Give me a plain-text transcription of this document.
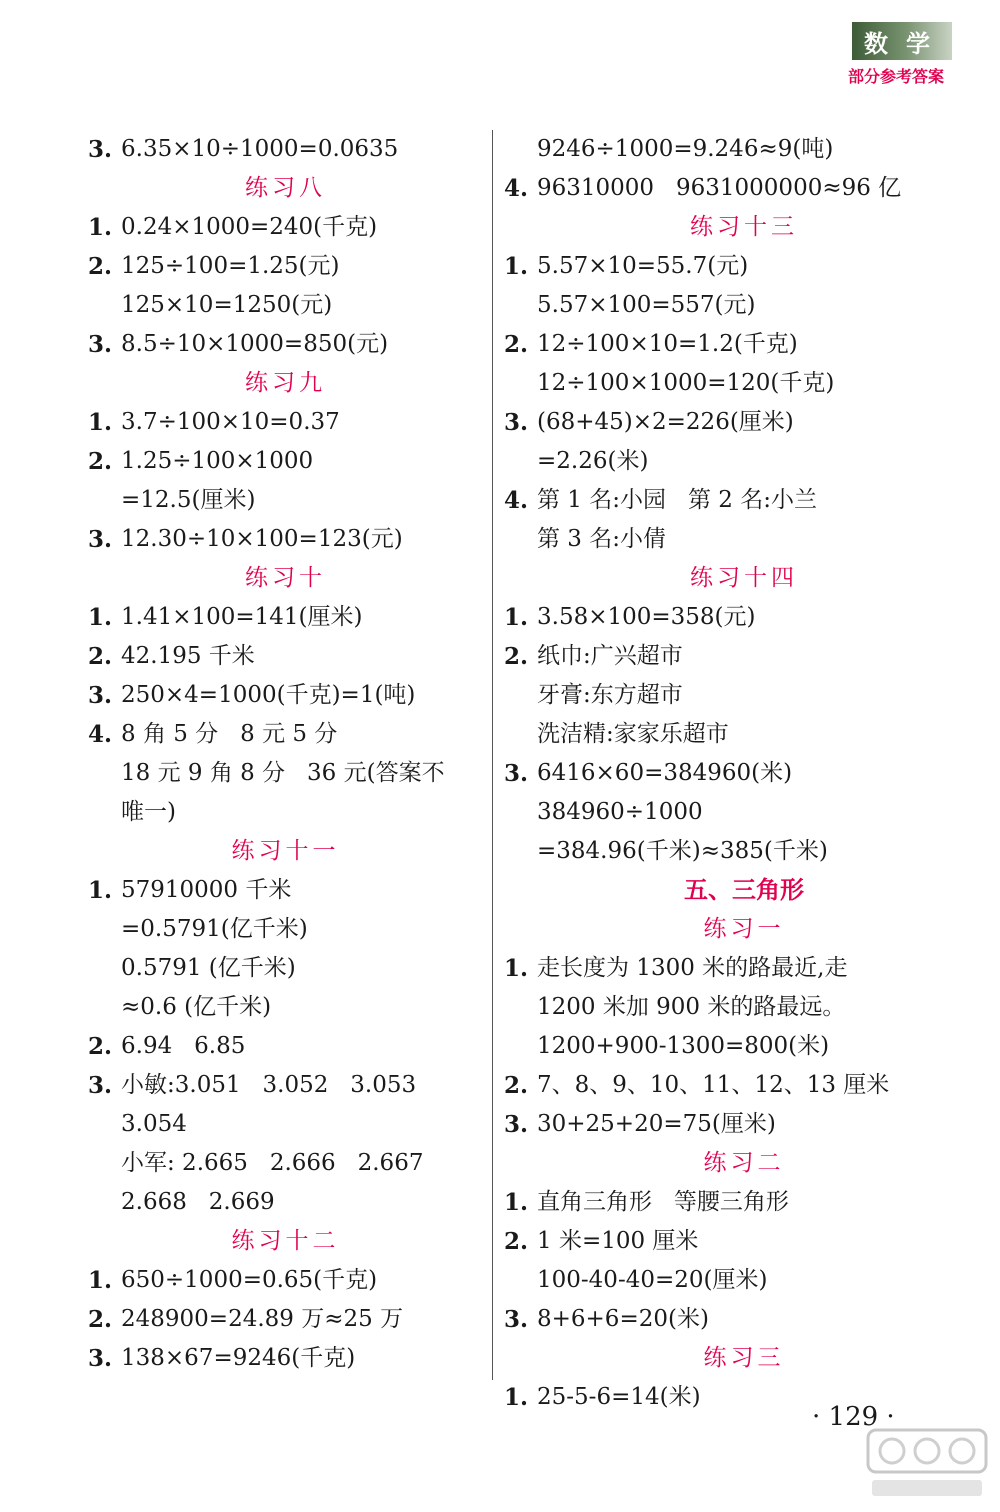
数学
部分参考答案
3. 6.35×10÷1000=0.0635
练习八
1. 0.24×1000=240(千克)
2. 125÷100=1.25(元)
125×10=1250(元)
3. 8.5÷10×1000=850(元)
练习九
1. 3.7÷100×10=0.37
2. 1.25÷100×1000
=12.5(厘米)
3. 12.30÷10×100=123(元)
练习十
1. 1.41×100=141(厘米)
2. 42.195 千米
3. 250×4=1000(千克)=1(吨)
4. 8 角 5 分   8 元 5 分
18 元 9 角 8 分   36 元(答案不
唯一)
练习十一
1. 57910000 千米
=0.5791(亿千米)
0.5791 (亿千米)
≈0.6 (亿千米)
2. 6.94   6.85
3. 小敏:3.051   3.052   3.053
3.054
小军: 2.665   2.666   2.667
2.668   2.669
练习十二
1. 650÷1000=0.65(千克)
2. 248900=24.89 万≈25 万
3. 138×67=9246(千克)
9246÷1000=9.246≈9(吨)
4. 96310000   9631000000≈96 亿
练习十三
1. 5.57×10=55.7(元)
5.57×100=557(元)
2. 12÷100×10=1.2(千克)
12÷100×1000=120(千克)
3. (68+45)×2=226(厘米)
=2.26(米)
4. 第 1 名:小园   第 2 名:小兰
第 3 名:小倩
练习十四
1. 3.58×100=358(元)
2. 纸巾:广兴超市
牙膏:东方超市
洗洁精:家家乐超市
3. 6416×60=384960(米)
384960÷1000
=384.96(千米)≈385(千米)
五、三角形
练习一
1. 走长度为 1300 米的路最近,走
1200 米加 900 米的路最远。
1200+900-1300=800(米)
2. 7、8、9、10、11、12、13 厘米
3. 30+25+20=75(厘米)
练习二
1. 直角三角形   等腰三角形
2. 1 米=100 厘米
100-40-40=20(厘米)
3. 8+6+6=20(米)
练习三
1. 25-5-6=14(米)
· 129 ·
